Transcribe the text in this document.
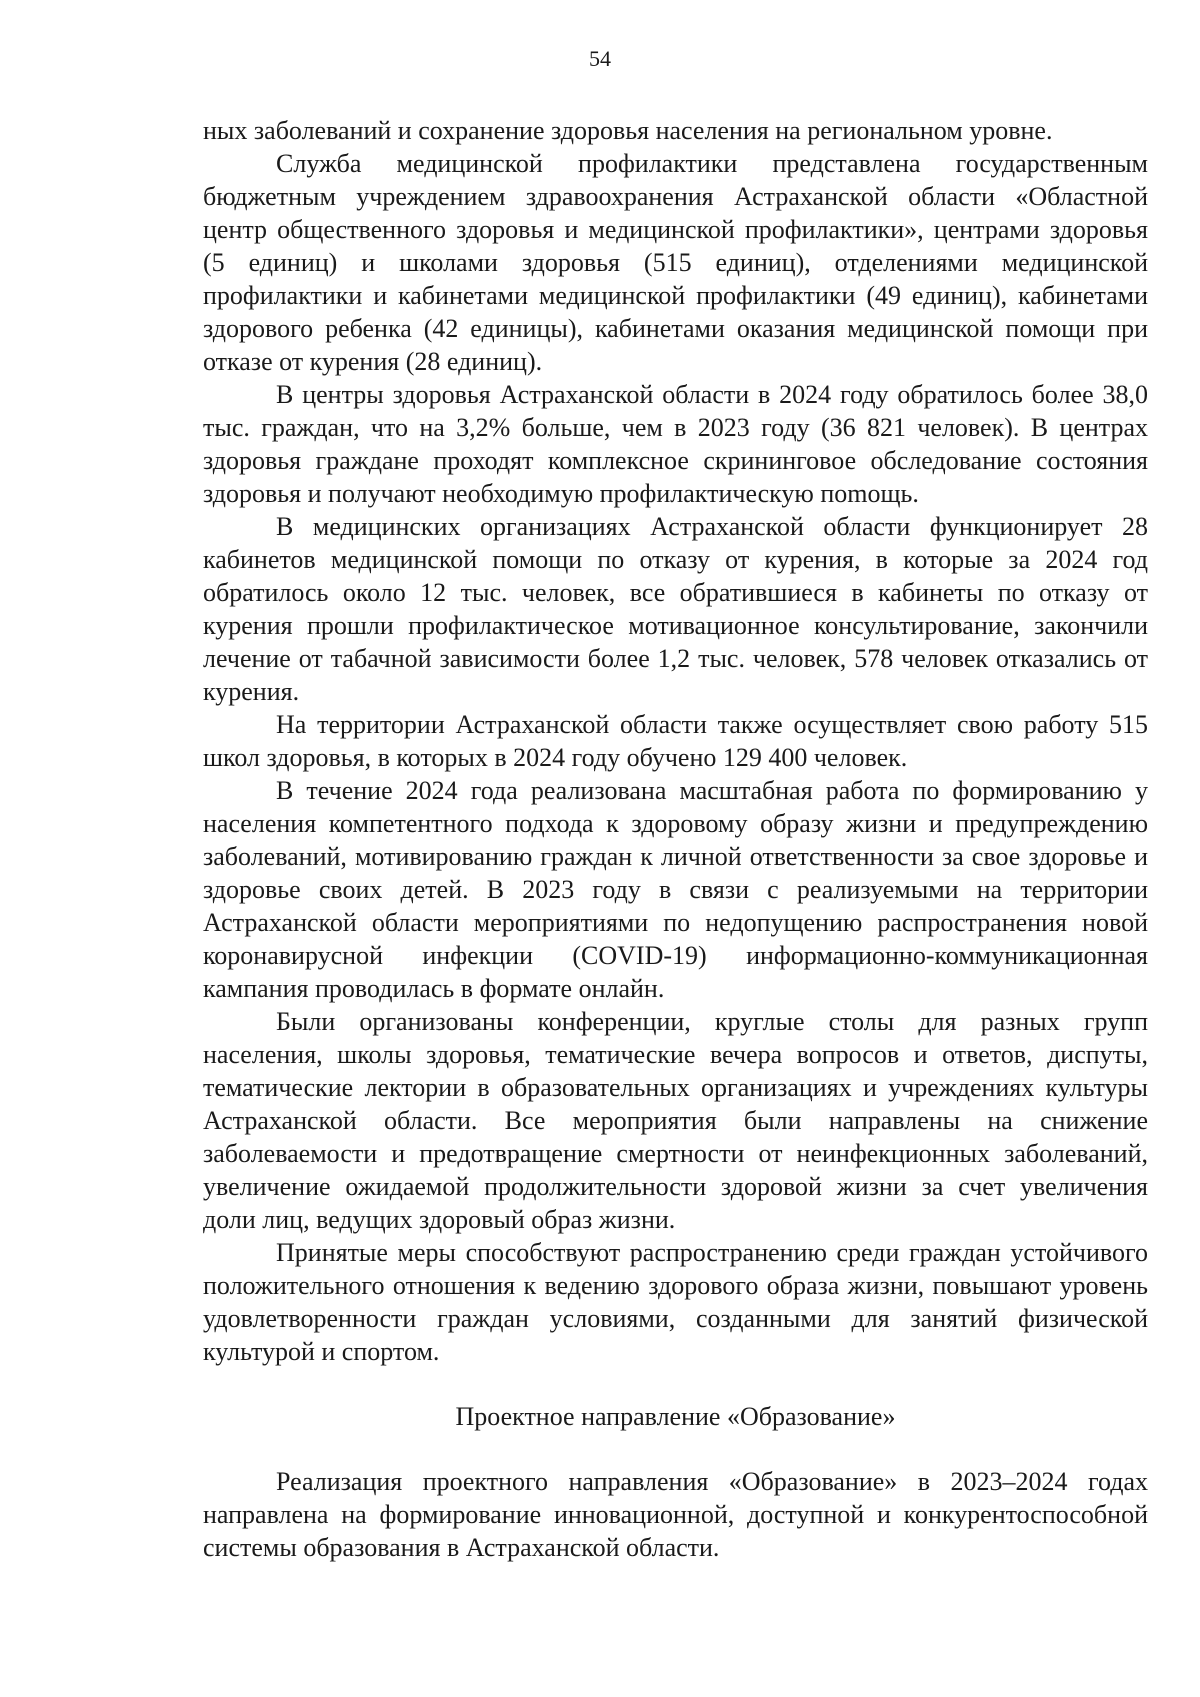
54

ных заболеваний и сохранение здоровья населения на региональном уровне.

Служба медицинской профилактики представлена государственным бюджетным учреждением здравоохранения Астраханской области «Областной центр общественного здоровья и медицинской профилактики», центрами здоровья (5 единиц) и школами здоровья (515 единиц), отделениями медицинской профилактики и кабинетами медицинской профилактики (49 единиц), кабинетами здорового ребенка (42 единицы), кабинетами оказания медицинской помощи при отказе от курения (28 единиц).

В центры здоровья Астраханской области в 2024 году обратилось более 38,0 тыс. граждан, что на 3,2% больше, чем в 2023 году (36 821 человек). В центрах здоровья граждане проходят комплексное скрининговое обследование состояния здоровья и получают необходимую профилактическую поmощь.

В медицинских организациях Астраханской области функционирует 28 кабинетов медицинской помощи по отказу от курения, в которые за 2024 год обратилось около 12 тыс. человек, все обратившиеся в кабинеты по отказу от курения прошли профилактическое мотивационное консультирование, закончили лечение от табачной зависимости более 1,2 тыс. человек, 578 человек отказались от курения.

На территории Астраханской области также осуществляет свою работу 515 школ здоровья, в которых в 2024 году обучено 129 400 человек.

В течение 2024 года реализована масштабная работа по формированию у населения компетентного подхода к здоровому образу жизни и предупреждению заболеваний, мотивированию граждан к личной ответственности за свое здоровье и здоровье своих детей. В 2023 году в связи с реализуемыми на территории Астраханской области мероприятиями по недопущению распространения новой коронавирусной инфекции (COVID-19) информационно-коммуникационная кампания проводилась в формате онлайн.

Были организованы конференции, круглые столы для разных групп населения, школы здоровья, тематические вечера вопросов и ответов, диспуты, тематические лектории в образовательных организациях и учреждениях культуры Астраханской области. Все мероприятия были направлены на снижение заболеваемости и предотвращение смертности от неинфекционных заболеваний, увеличение ожидаемой продолжительности здоровой жизни за счет увеличения доли лиц, ведущих здоровый образ жизни.

Принятые меры способствуют распространению среди граждан устойчивого положительного отношения к ведению здорового образа жизни, повышают уровень удовлетворенности граждан условиями, созданными для занятий физической культурой и спортом.

Проектное направление «Образование»

Реализация проектного направления «Образование» в 2023–2024 годах направлена на формирование инновационной, доступной и конкурентоспособной системы образования в Астраханской области.
